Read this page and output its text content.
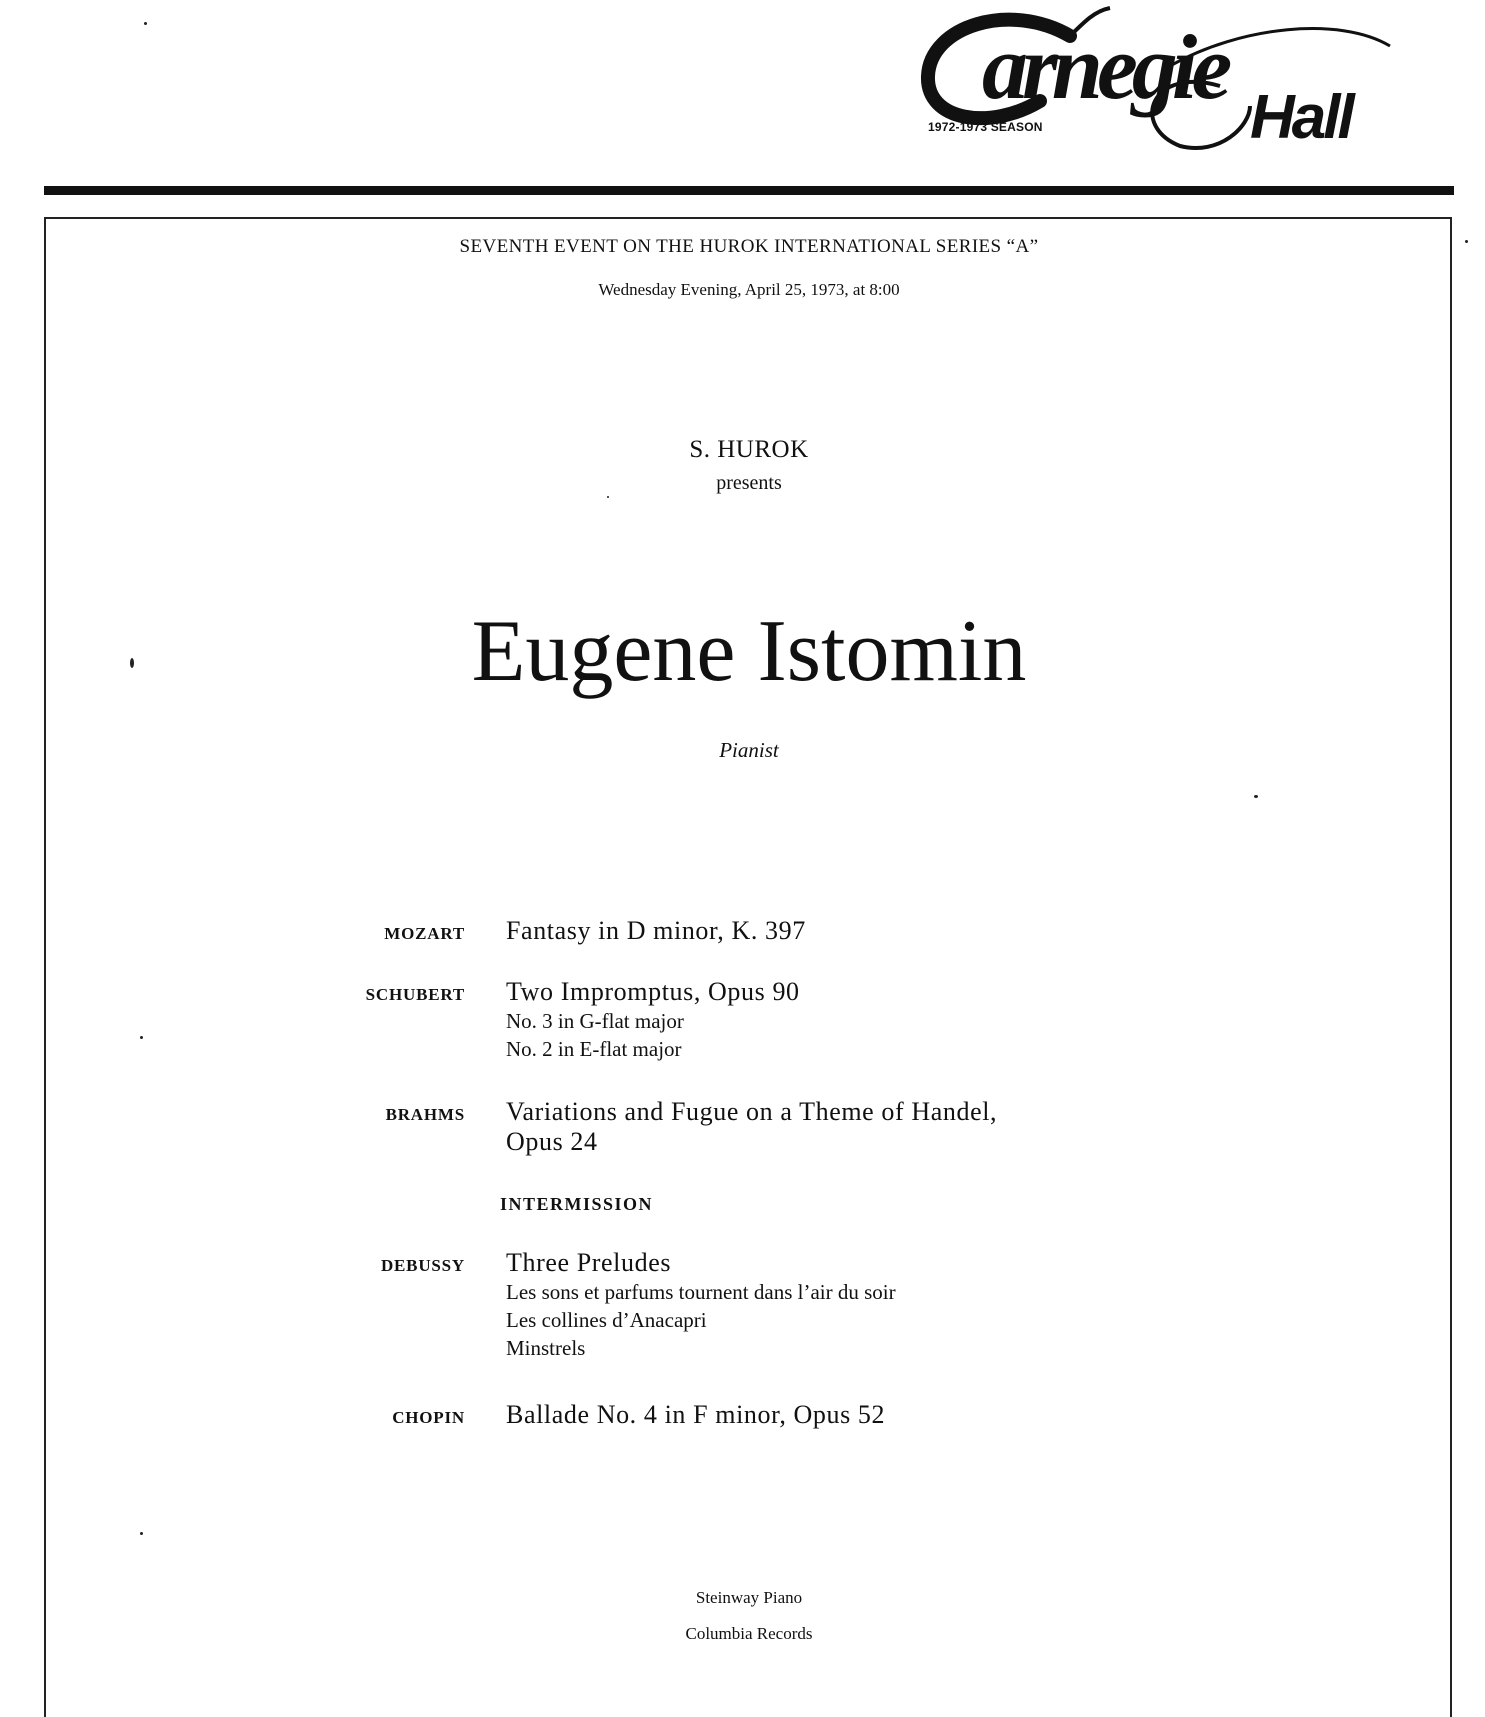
arnegie Hall
1972-1973 SEASON
SEVENTH EVENT ON THE HUROK INTERNATIONAL SERIES “A”
Wednesday Evening, April 25, 1973, at 8:00
S. HUROK
presents
Eugene Istomin
Pianist
MOZART Fantasy in D minor, K. 397
SCHUBERT Two Impromptus, Opus 90
No. 3 in G-flat major
No. 2 in E-flat major
BRAHMS Variations and Fugue on a Theme of Handel,
Opus 24
INTERMISSION
DEBUSSY Three Preludes
Les sons et parfums tournent dans l’air du soir
Les collines d’Anacapri
Minstrels
CHOPIN Ballade No. 4 in F minor, Opus 52
Steinway Piano
Columbia Records
